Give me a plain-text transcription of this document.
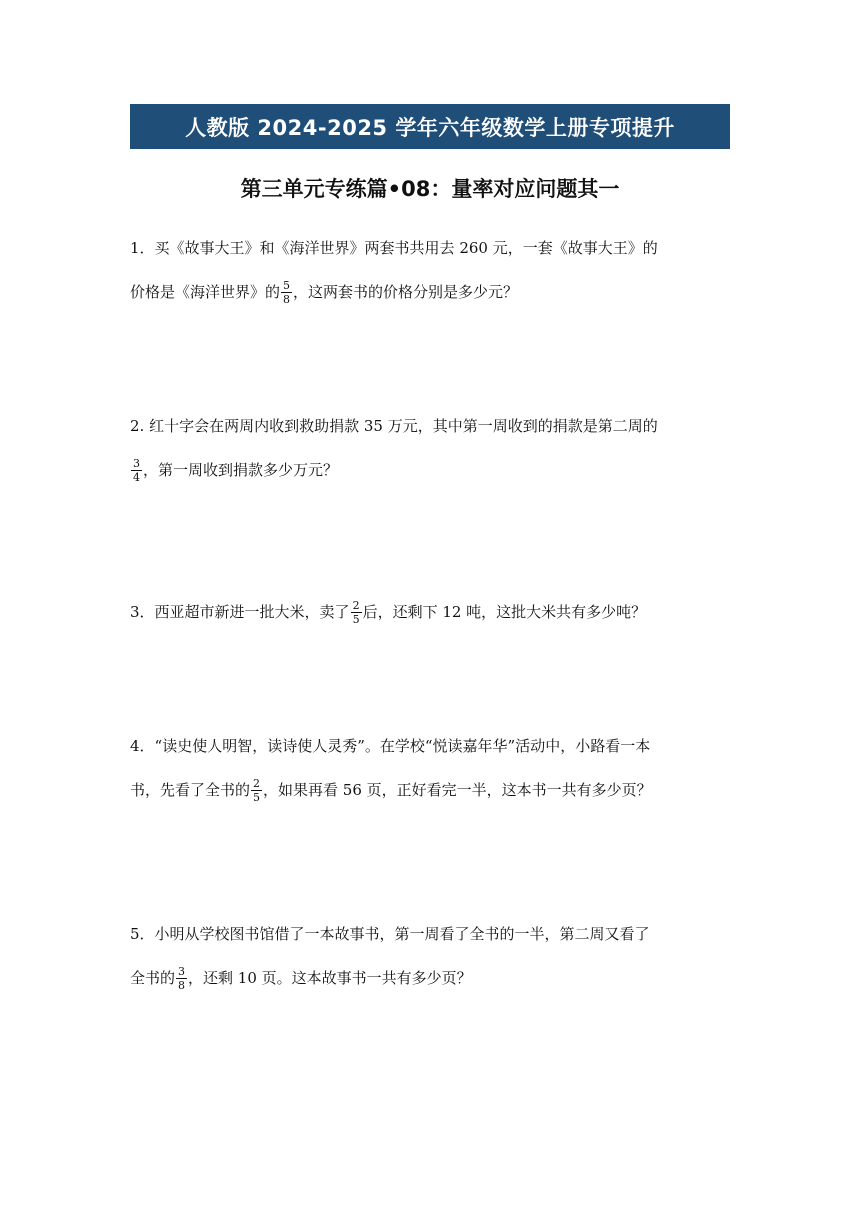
人教版 2024-2025 学年六年级数学上册专项提升
第三单元专练篇•08：量率对应问题其一
1．买《故事大王》和《海洋世界》两套书共用去 260 元，一套《故事大王》的
价格是《海洋世界》的 $\frac{5}{8}$ ，这两套书的价格分别是多少元？
2. 红十字会在两周内收到救助捐款 35 万元，其中第一周收到的捐款是第二周的
$\frac{3}{4}$ ，第一周收到捐款多少万元？
3．西亚超市新进一批大米，卖了 $\frac{2}{5}$ 后，还剩下 12 吨，这批大米共有多少吨？
4．“读史使人明智，读诗使人灵秀”。在学校“悦读嘉年华”活动中，小路看一本
书，先看了全书的 $\frac{2}{5}$ ，如果再看 56 页，正好看完一半，这本书一共有多少页？
5．小明从学校图书馆借了一本故事书，第一周看了全书的一半，第二周又看了
全书的 $\frac{3}{8}$ ，还剩 10 页。这本故事书一共有多少页？
